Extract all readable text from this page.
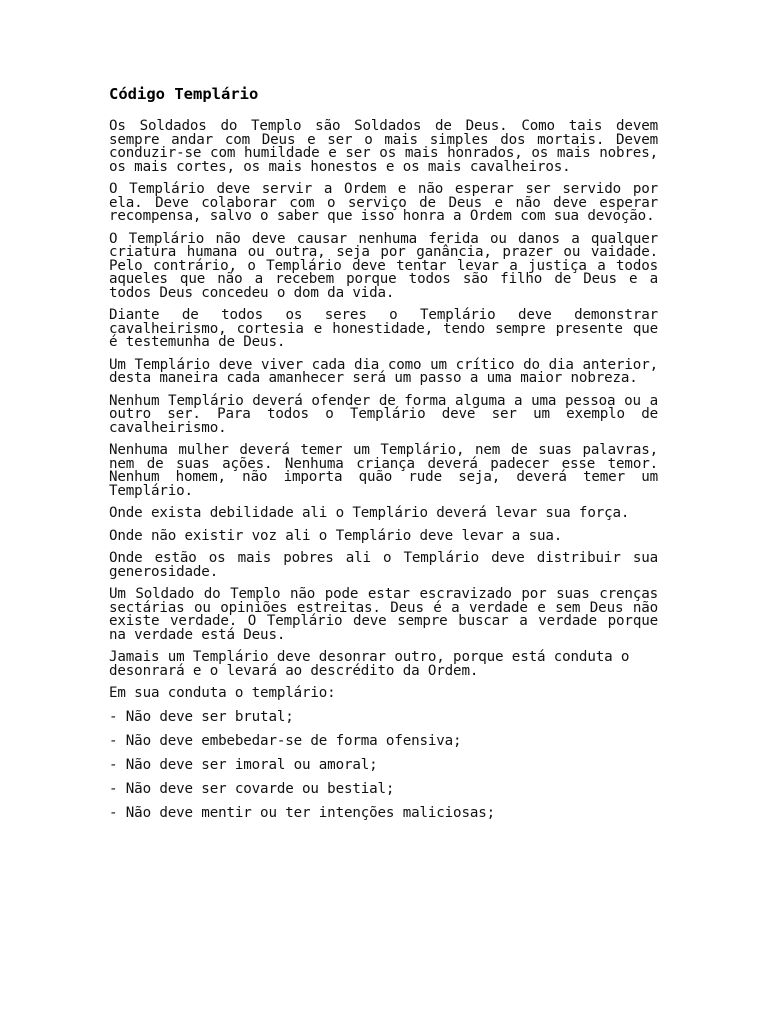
Código Templário

Os Soldados do Templo são Soldados de Deus. Como tais devem sempre andar com Deus e ser o mais simples dos mortais. Devem conduzir-se com humildade e ser os mais honrados, os mais nobres, os mais cortes, os mais honestos e os mais cavalheiros.

O Templário deve servir a Ordem e não esperar ser servido por ela. Deve colaborar com o serviço de Deus e não deve esperar recompensa, salvo o saber que isso honra a Ordem com sua devoção.

O Templário não deve causar nenhuma ferida ou danos a qualquer criatura humana ou outra, seja por ganância, prazer ou vaidade. Pelo contrário, o Templário deve tentar levar a justiça a todos aqueles que não a recebem porque todos são filho de Deus e a todos Deus concedeu o dom da vida.

Diante de todos os seres o Templário deve demonstrar cavalheirismo, cortesia e honestidade, tendo sempre presente que é testemunha de Deus.

Um Templário deve viver cada dia como um crítico do dia anterior, desta maneira cada amanhecer será um passo a uma maior nobreza.

Nenhum Templário deverá ofender de forma alguma a uma pessoa ou a outro ser. Para todos o Templário deve ser um exemplo de cavalheirismo.

Nenhuma mulher deverá temer um Templário, nem de suas palavras, nem de suas ações. Nenhuma criança deverá padecer esse temor. Nenhum homem, não importa quão rude seja, deverá temer um Templário.

Onde exista debilidade ali o Templário deverá levar sua força.

Onde não existir voz ali o Templário deve levar a sua.

Onde estão os mais pobres ali o Templário deve distribuir sua generosidade.

Um Soldado do Templo não pode estar escravizado por suas crenças sectárias ou opiniões estreitas. Deus é a verdade e sem Deus não existe verdade. O Templário deve sempre buscar a verdade porque na verdade está Deus.

Jamais um Templário deve desonrar outro, porque está conduta o desonrará e o levará ao descrédito da Ordem.

Em sua conduta o templário:

- Não deve ser brutal;
- Não deve embebedar-se de forma ofensiva;
- Não deve ser imoral ou amoral;
- Não deve ser covarde ou bestial;
- Não deve mentir ou ter intenções maliciosas;
